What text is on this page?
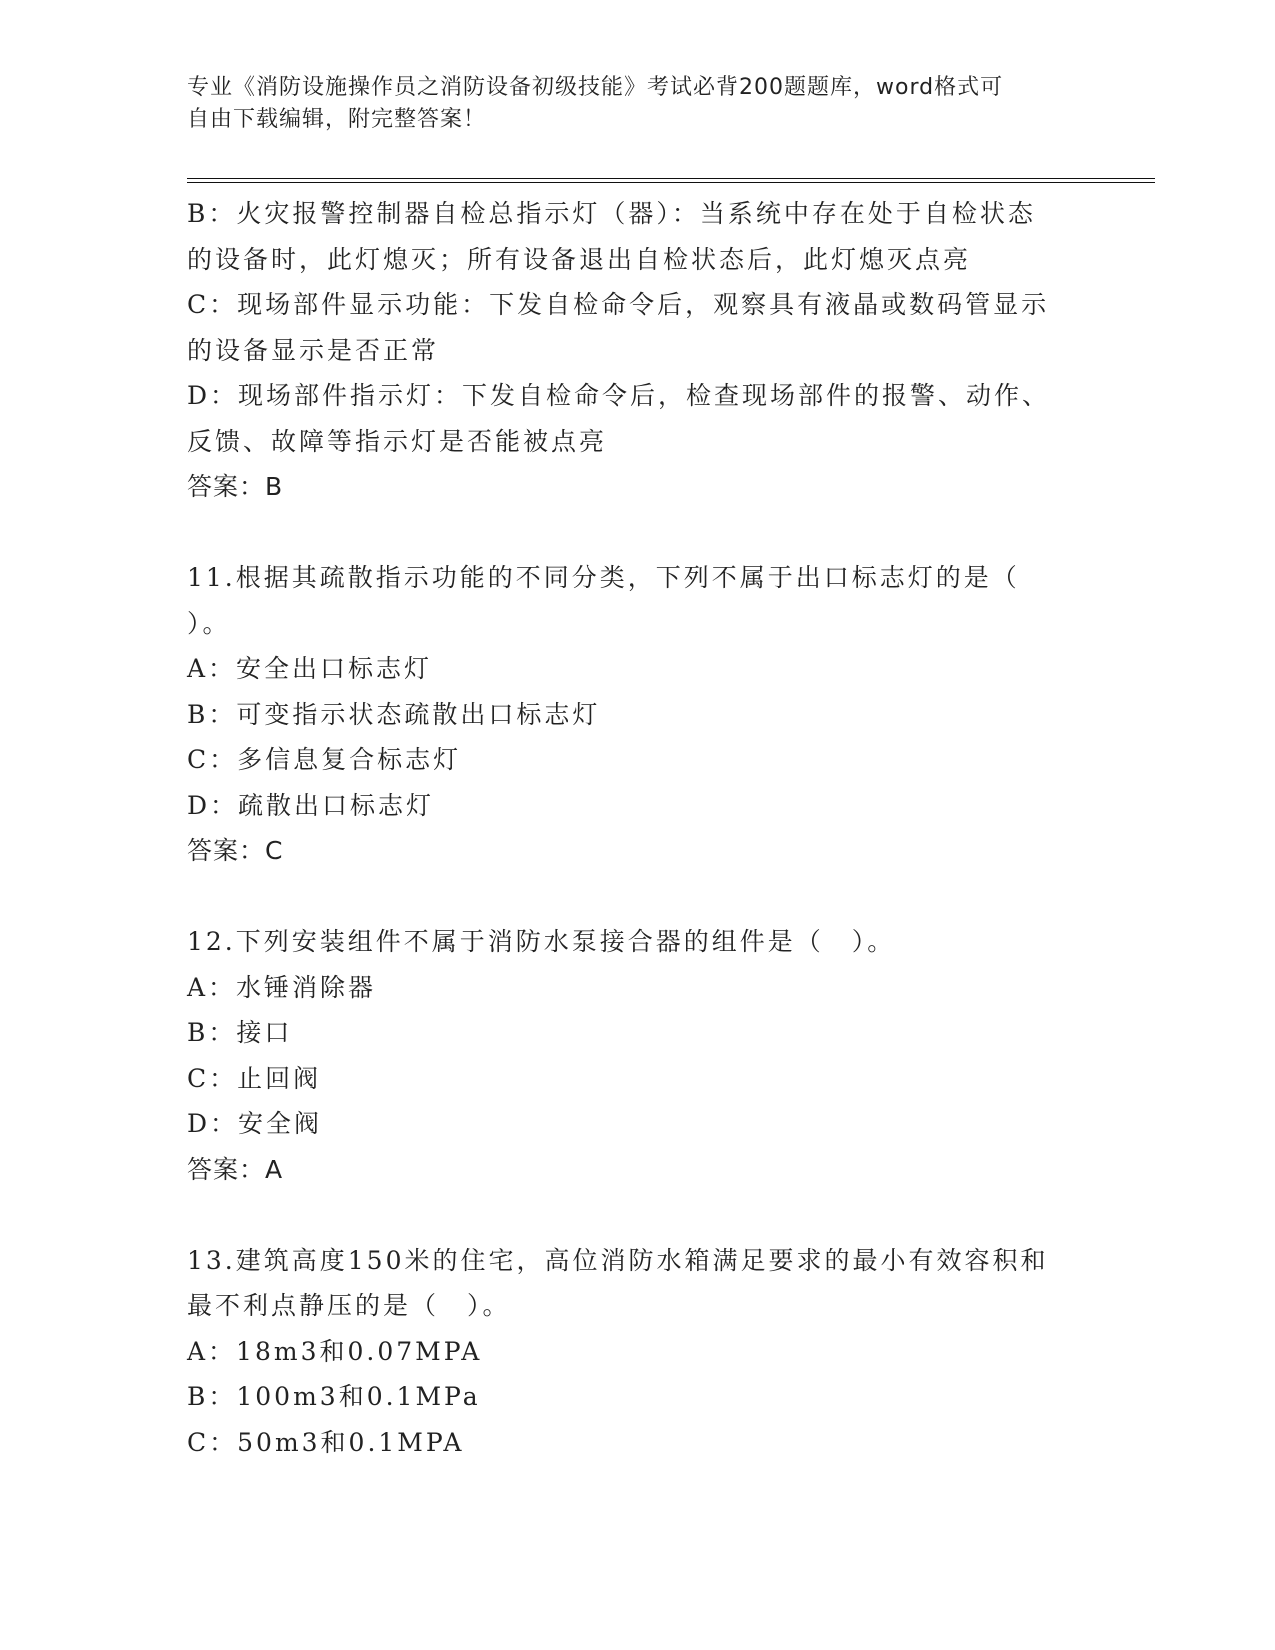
专业《消防设施操作员之消防设备初级技能》考试必背200题题库，word格式可
自由下载编辑，附完整答案！
B：火灾报警控制器自检总指示灯（器）：当系统中存在处于自检状态
的设备时，此灯熄灭；所有设备退出自检状态后，此灯熄灭点亮
C：现场部件显示功能：下发自检命令后，观察具有液晶或数码管显示
的设备显示是否正常
D：现场部件指示灯：下发自检命令后，检查现场部件的报警、动作、
反馈、故障等指示灯是否能被点亮
答案：B
11.根据其疏散指示功能的不同分类，下列不属于出口标志灯的是（
）。
A：安全出口标志灯
B：可变指示状态疏散出口标志灯
C：多信息复合标志灯
D：疏散出口标志灯
答案：C
12.下列安装组件不属于消防水泵接合器的组件是（　）。
A：水锤消除器
B：接口
C：止回阀
D：安全阀
答案：A
13.建筑高度150米的住宅，高位消防水箱满足要求的最小有效容积和
最不利点静压的是（　）。
A：18m3和0.07MPA
B：100m3和0.1MPa
C：50m3和0.1MPA
